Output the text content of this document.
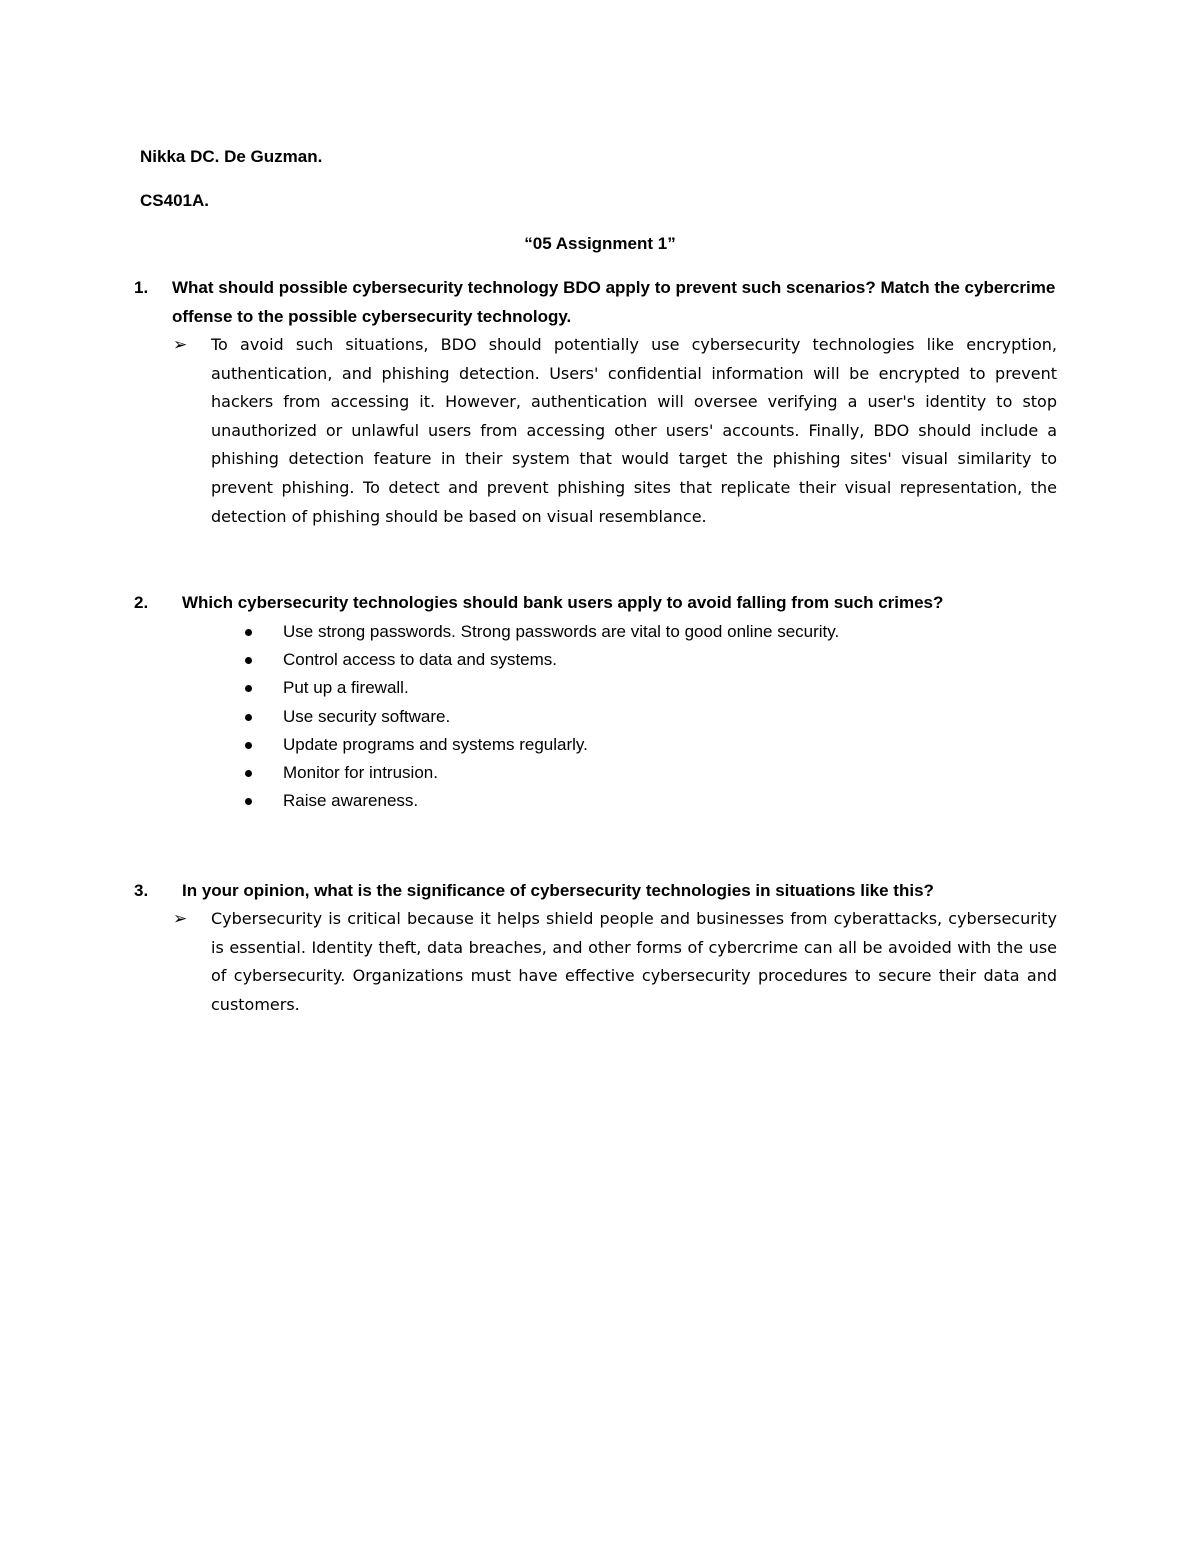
Nikka DC. De Guzman.
CS401A.
“05 Assignment 1”
1.	What should possible cybersecurity technology BDO apply to prevent such scenarios? Match the cybercrime offense to the possible cybersecurity technology.
➢ To avoid such situations, BDO should potentially use cybersecurity technologies like encryption, authentication, and phishing detection. Users' confidential information will be encrypted to prevent hackers from accessing it. However, authentication will oversee verifying a user's identity to stop unauthorized or unlawful users from accessing other users' accounts. Finally, BDO should include a phishing detection feature in their system that would target the phishing sites' visual similarity to prevent phishing. To detect and prevent phishing sites that replicate their visual representation, the detection of phishing should be based on visual resemblance.
2.	Which cybersecurity technologies should bank users apply to avoid falling from such crimes?
Use strong passwords. Strong passwords are vital to good online security.
Control access to data and systems.
Put up a firewall.
Use security software.
Update programs and systems regularly.
Monitor for intrusion.
Raise awareness.
3.	In your opinion, what is the significance of cybersecurity technologies in situations like this?
➢ Cybersecurity is critical because it helps shield people and businesses from cyberattacks, cybersecurity is essential. Identity theft, data breaches, and other forms of cybercrime can all be avoided with the use of cybersecurity. Organizations must have effective cybersecurity procedures to secure their data and customers.
